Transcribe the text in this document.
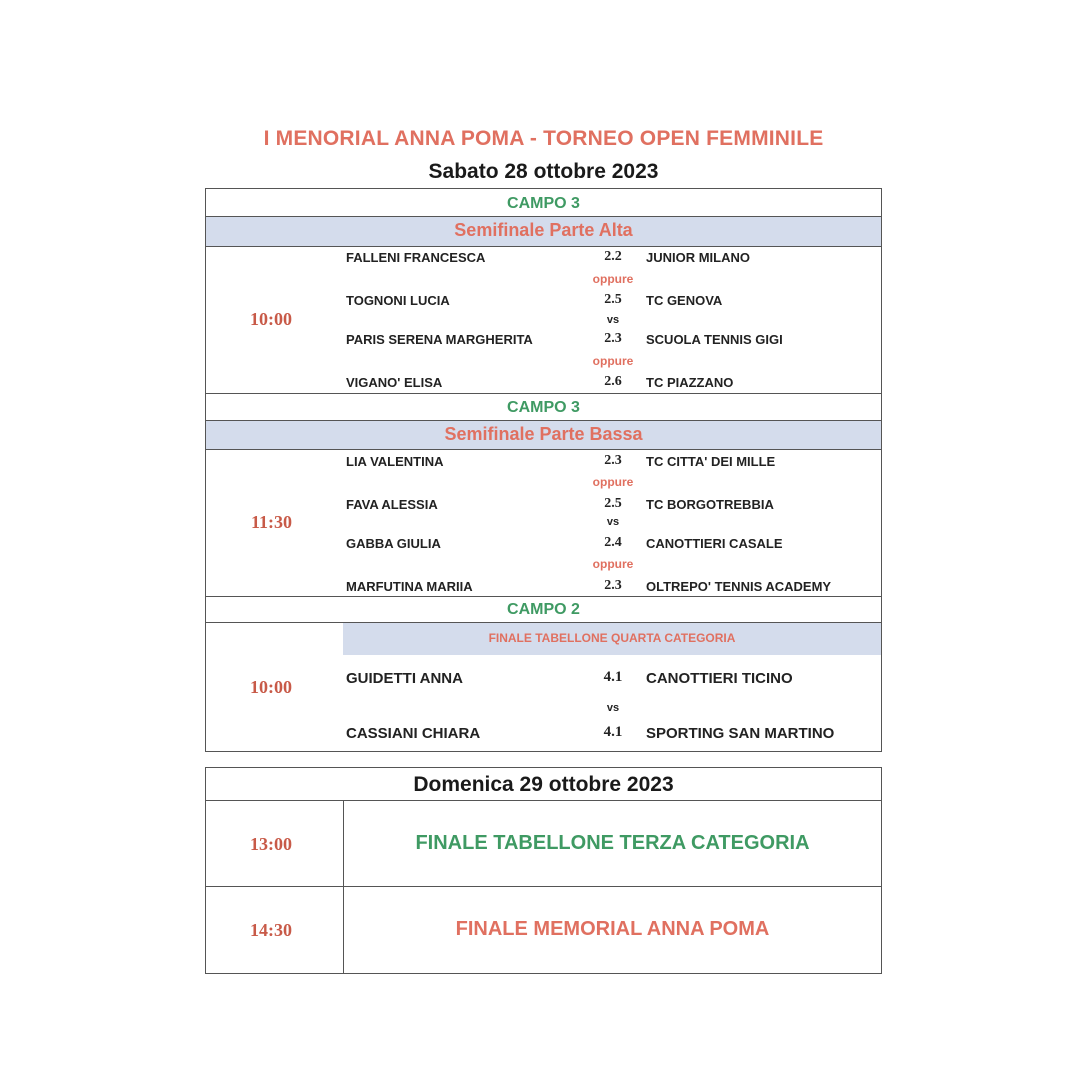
I MENORIAL ANNA POMA - TORNEO OPEN FEMMINILE
Sabato 28 ottobre 2023
CAMPO 3
Semifinale Parte Alta
10:00
FALLENI FRANCESCA	2.2	JUNIOR MILANO
oppure
TOGNONI LUCIA	2.5	TC GENOVA
vs
PARIS SERENA MARGHERITA	2.3	SCUOLA TENNIS GIGI
oppure
VIGANO' ELISA	2.6	TC PIAZZANO
CAMPO 3
Semifinale Parte Bassa
11:30
LIA VALENTINA	2.3	TC CITTA' DEI MILLE
oppure
FAVA ALESSIA	2.5	TC BORGOTREBBIA
vs
GABBA GIULIA	2.4	CANOTTIERI CASALE
oppure
MARFUTINA MARIIA	2.3	OLTREPO' TENNIS ACADEMY
CAMPO 2
FINALE TABELLONE QUARTA CATEGORIA
10:00	GUIDETTI ANNA	4.1	CANOTTIERI TICINO
vs
CASSIANI CHIARA	4.1	SPORTING SAN MARTINO
Domenica 29 ottobre 2023
13:00	FINALE TABELLONE TERZA CATEGORIA
14:30	FINALE MEMORIAL ANNA POMA
